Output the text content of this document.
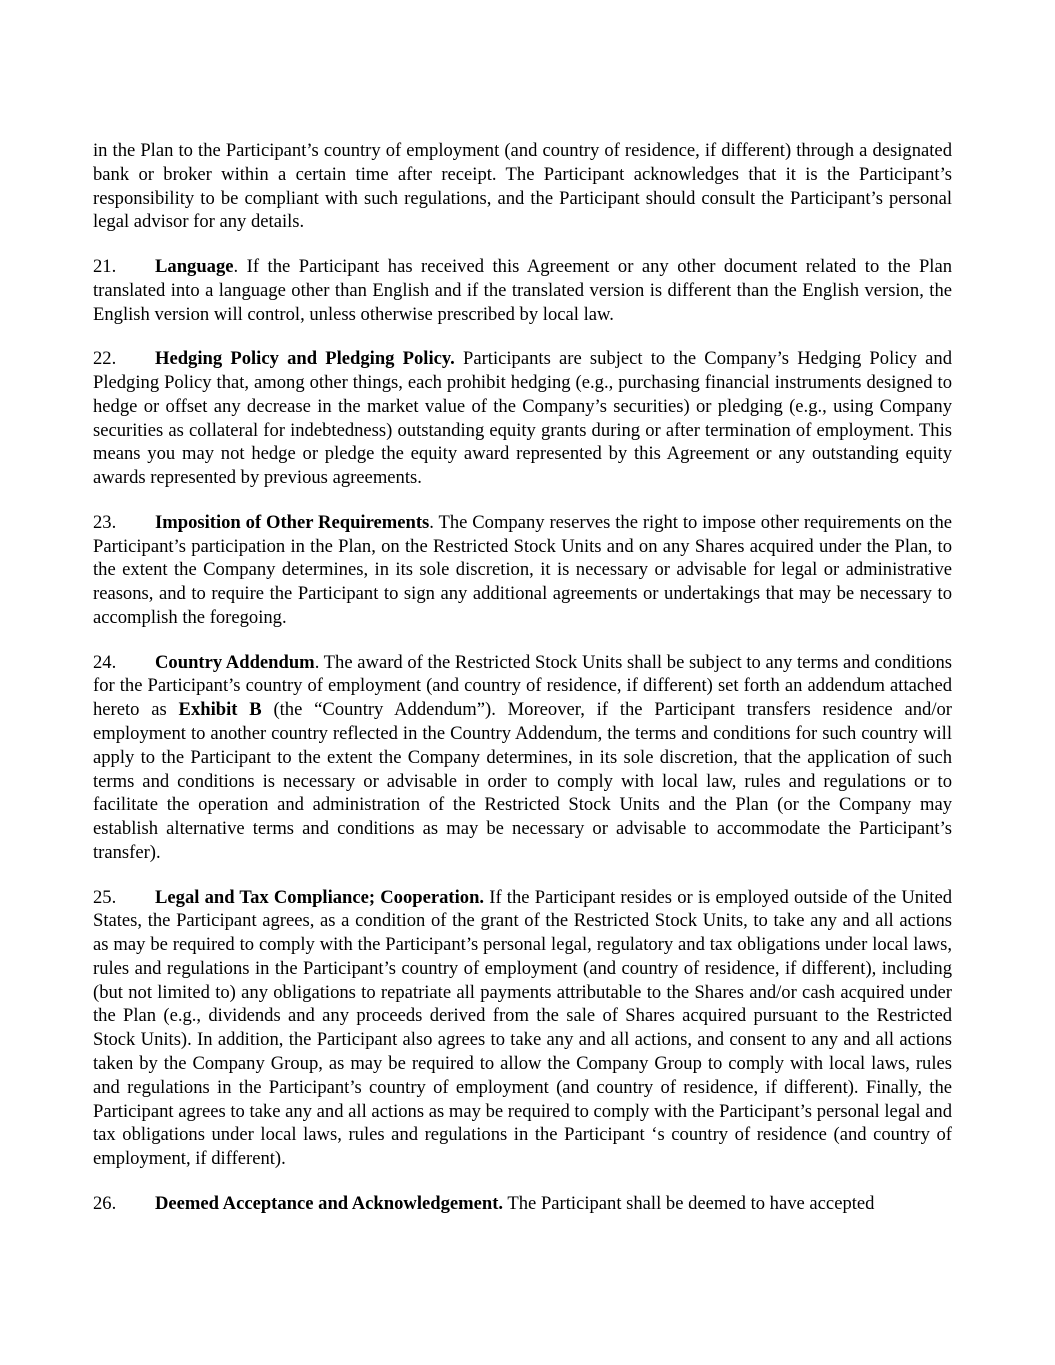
in the Plan to the Participant’s country of employment (and country of residence, if different) through a designated bank or broker within a certain time after receipt. The Participant acknowledges that it is the Participant’s responsibility to be compliant with such regulations, and the Participant should consult the Participant’s personal legal advisor for any details.

21. Language. If the Participant has received this Agreement or any other document related to the Plan translated into a language other than English and if the translated version is different than the English version, the English version will control, unless otherwise prescribed by local law.

22. Hedging Policy and Pledging Policy. Participants are subject to the Company’s Hedging Policy and Pledging Policy that, among other things, each prohibit hedging (e.g., purchasing financial instruments designed to hedge or offset any decrease in the market value of the Company’s securities) or pledging (e.g., using Company securities as collateral for indebtedness) outstanding equity grants during or after termination of employment. This means you may not hedge or pledge the equity award represented by this Agreement or any outstanding equity awards represented by previous agreements.

23. Imposition of Other Requirements. The Company reserves the right to impose other requirements on the Participant’s participation in the Plan, on the Restricted Stock Units and on any Shares acquired under the Plan, to the extent the Company determines, in its sole discretion, it is necessary or advisable for legal or administrative reasons, and to require the Participant to sign any additional agreements or undertakings that may be necessary to accomplish the foregoing.

24. Country Addendum. The award of the Restricted Stock Units shall be subject to any terms and conditions for the Participant’s country of employment (and country of residence, if different) set forth an addendum attached hereto as Exhibit B (the “Country Addendum”). Moreover, if the Participant transfers residence and/or employment to another country reflected in the Country Addendum, the terms and conditions for such country will apply to the Participant to the extent the Company determines, in its sole discretion, that the application of such terms and conditions is necessary or advisable in order to comply with local law, rules and regulations or to facilitate the operation and administration of the Restricted Stock Units and the Plan (or the Company may establish alternative terms and conditions as may be necessary or advisable to accommodate the Participant’s transfer).

25. Legal and Tax Compliance; Cooperation. If the Participant resides or is employed outside of the United States, the Participant agrees, as a condition of the grant of the Restricted Stock Units, to take any and all actions as may be required to comply with the Participant’s personal legal, regulatory and tax obligations under local laws, rules and regulations in the Participant’s country of employment (and country of residence, if different), including (but not limited to) any obligations to repatriate all payments attributable to the Shares and/or cash acquired under the Plan (e.g., dividends and any proceeds derived from the sale of Shares acquired pursuant to the Restricted Stock Units). In addition, the Participant also agrees to take any and all actions, and consent to any and all actions taken by the Company Group, as may be required to allow the Company Group to comply with local laws, rules and regulations in the Participant’s country of employment (and country of residence, if different). Finally, the Participant agrees to take any and all actions as may be required to comply with the Participant’s personal legal and tax obligations under local laws, rules and regulations in the Participant ‘s country of residence (and country of employment, if different).

26. Deemed Acceptance and Acknowledgement. The Participant shall be deemed to have accepted
